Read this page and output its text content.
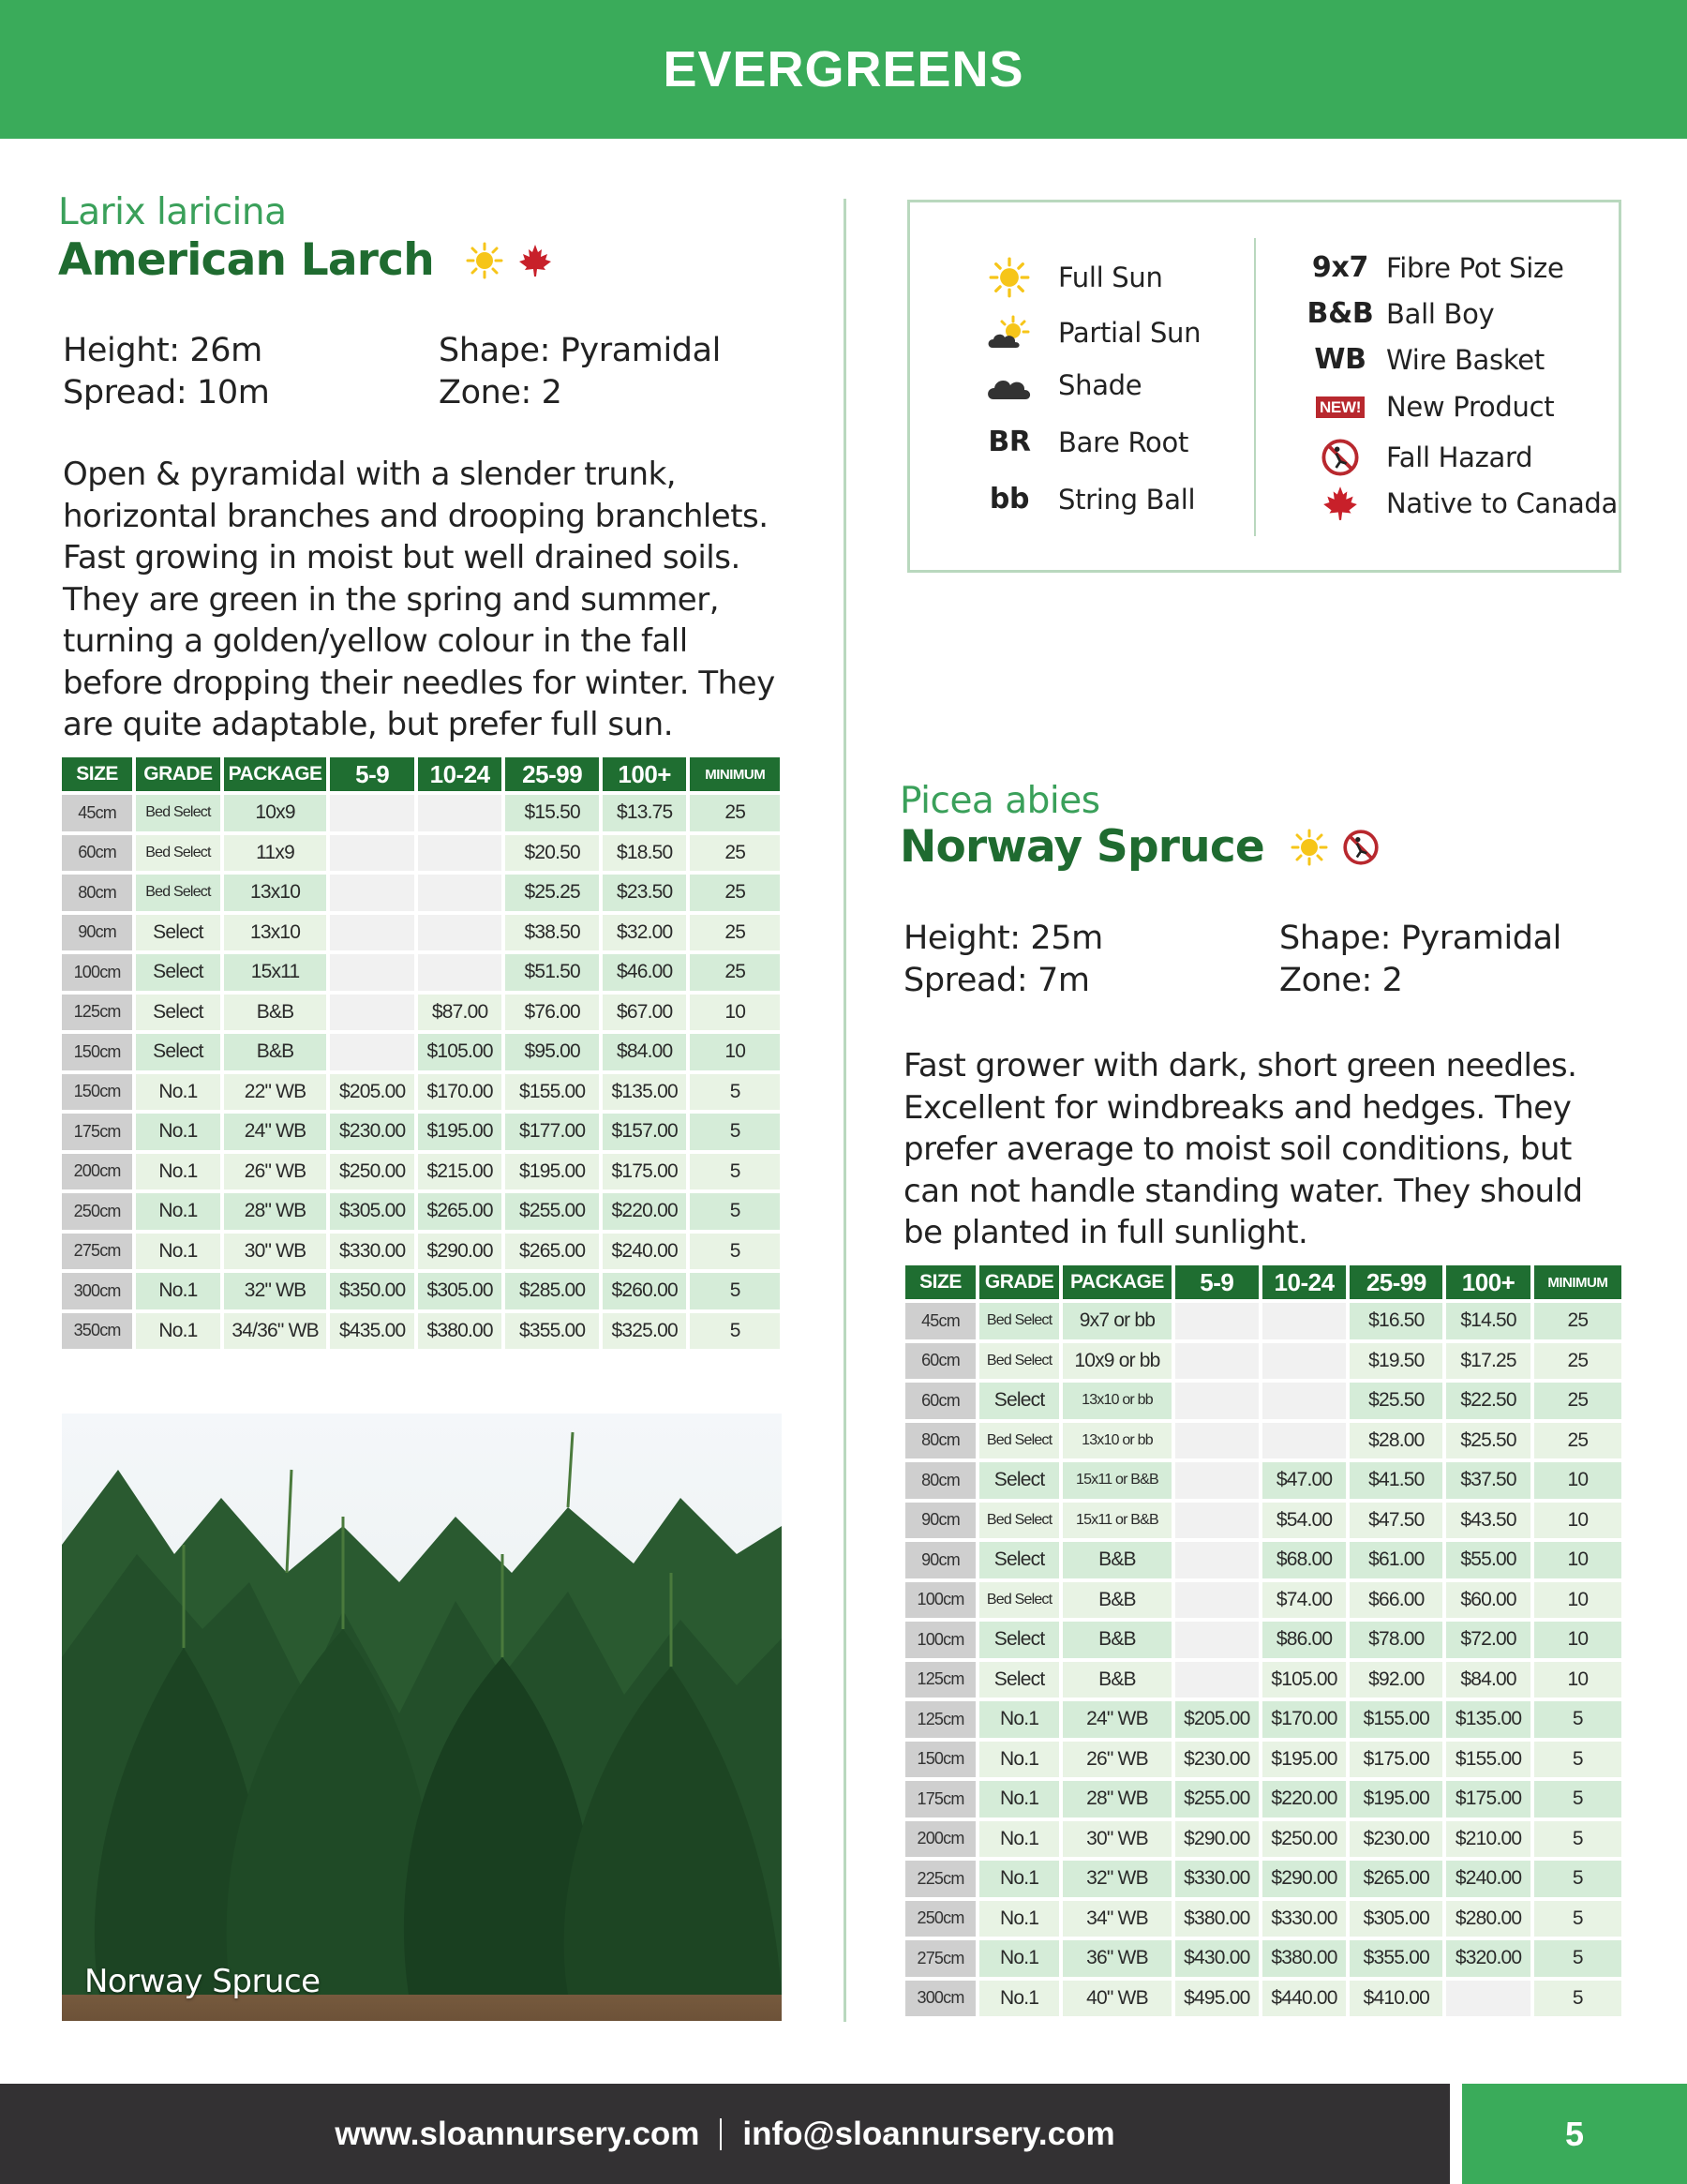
EVERGREENS
Larix laricina
American Larch
Height: 26m
Spread: 10m
Shape: Pyramidal
Zone: 2
Open & pyramidal with a slender trunk, horizontal branches and drooping branchlets. Fast growing in moist but well drained soils. They are green in the spring and summer, turning a golden/yellow colour in the fall before dropping their needles for winter. They are quite adaptable, but prefer full sun.
SIZE	GRADE	PACKAGE	5-9	10-24	25-99	100+	MINIMUM
45cm	Bed Select	10x9			$15.50	$13.75	25
60cm	Bed Select	11x9			$20.50	$18.50	25
80cm	Bed Select	13x10			$25.25	$23.50	25
90cm	Select	13x10			$38.50	$32.00	25
100cm	Select	15x11			$51.50	$46.00	25
125cm	Select	B&B		$87.00	$76.00	$67.00	10
150cm	Select	B&B		$105.00	$95.00	$84.00	10
150cm	No.1	22" WB	$205.00	$170.00	$155.00	$135.00	5
175cm	No.1	24" WB	$230.00	$195.00	$177.00	$157.00	5
200cm	No.1	26" WB	$250.00	$215.00	$195.00	$175.00	5
250cm	No.1	28" WB	$305.00	$265.00	$255.00	$220.00	5
275cm	No.1	30" WB	$330.00	$290.00	$265.00	$240.00	5
300cm	No.1	32" WB	$350.00	$305.00	$285.00	$260.00	5
350cm	No.1	34/36" WB	$435.00	$380.00	$355.00	$325.00	5
Norway Spruce
Full Sun
Partial Sun
Shade
BR Bare Root
bb	String Ball
9x7 Fibre Pot Size
B&B Ball Boy
WB Wire Basket
NEW! New Product
Fall Hazard
Native to Canada
Picea abies
Norway Spruce
Height: 25m
Spread: 7m
Shape: Pyramidal
Zone: 2
Fast grower with dark, short green needles. Excellent for windbreaks and hedges. They prefer average to moist soil conditions, but can not handle standing water. They should be planted in full sunlight.
SIZE	GRADE	PACKAGE	5-9	10-24	25-99	100+	MINIMUM
45cm	Bed Select	9x7 or bb			$16.50	$14.50	25
60cm	Bed Select	10x9 or bb			$19.50	$17.25	25
60cm	Select	13x10 or bb			$25.50	$22.50	25
80cm	Bed Select	13x10 or bb			$28.00	$25.50	25
80cm	Select	15x11 or B&B		$47.00	$41.50	$37.50	10
90cm	Bed Select	15x11 or B&B		$54.00	$47.50	$43.50	10
90cm	Select	B&B		$68.00	$61.00	$55.00	10
100cm	Bed Select	B&B		$74.00	$66.00	$60.00	10
100cm	Select	B&B		$86.00	$78.00	$72.00	10
125cm	Select	B&B		$105.00	$92.00	$84.00	10
125cm	No.1	24" WB	$205.00	$170.00	$155.00	$135.00	5
150cm	No.1	26" WB	$230.00	$195.00	$175.00	$155.00	5
175cm	No.1	28" WB	$255.00	$220.00	$195.00	$175.00	5
200cm	No.1	30" WB	$290.00	$250.00	$230.00	$210.00	5
225cm	No.1	32" WB	$330.00	$290.00	$265.00	$240.00	5
250cm	No.1	34" WB	$380.00	$330.00	$305.00	$280.00	5
275cm	No.1	36" WB	$430.00	$380.00	$355.00	$320.00	5
300cm	No.1	40" WB	$495.00	$440.00	$410.00		5
www.sloannursery.com info@sloannursery.com	5
